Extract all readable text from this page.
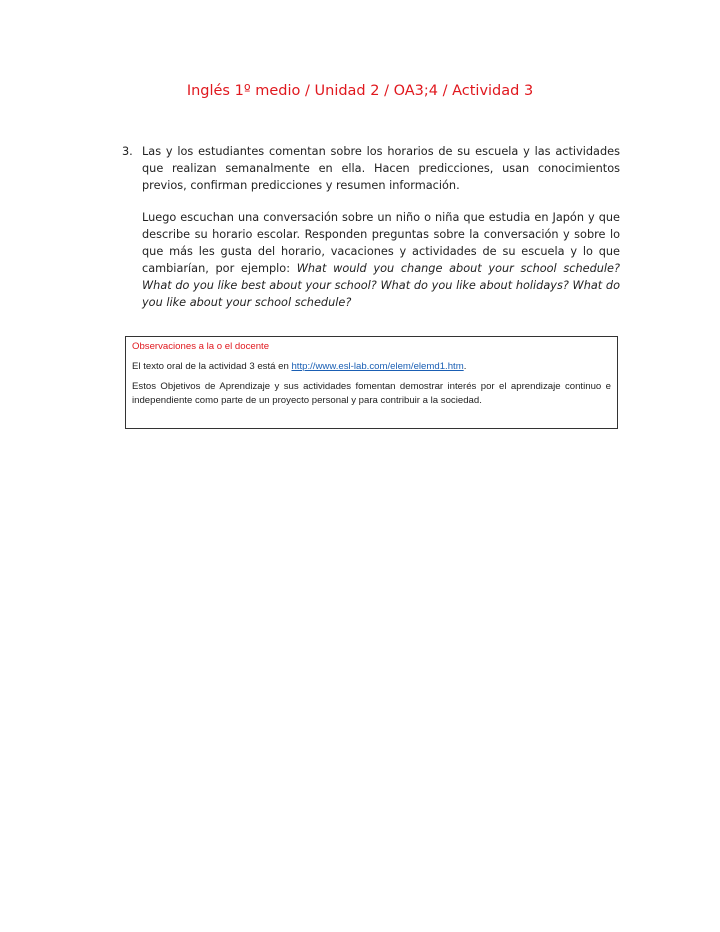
Inglés 1º medio / Unidad 2 / OA3;4 / Actividad 3
3. Las y los estudiantes comentan sobre los horarios de su escuela y las actividades que realizan semanalmente en ella. Hacen predicciones, usan conocimientos previos, confirman predicciones y resumen información.

Luego escuchan una conversación sobre un niño o niña que estudia en Japón y que describe su horario escolar. Responden preguntas sobre la conversación y sobre lo que más les gusta del horario, vacaciones y actividades de su escuela y lo que cambiarían, por ejemplo: What would you change about your school schedule? What do you like best about your school? What do you like about holidays? What do you like about your school schedule?

Observaciones a la o el docente

El texto oral de la actividad 3 está en http://www.esl-lab.com/elem/elemd1.htm.

Estos Objetivos de Aprendizaje y sus actividades fomentan demostrar interés por el aprendizaje continuo e independiente como parte de un proyecto personal y para contribuir a la sociedad.
